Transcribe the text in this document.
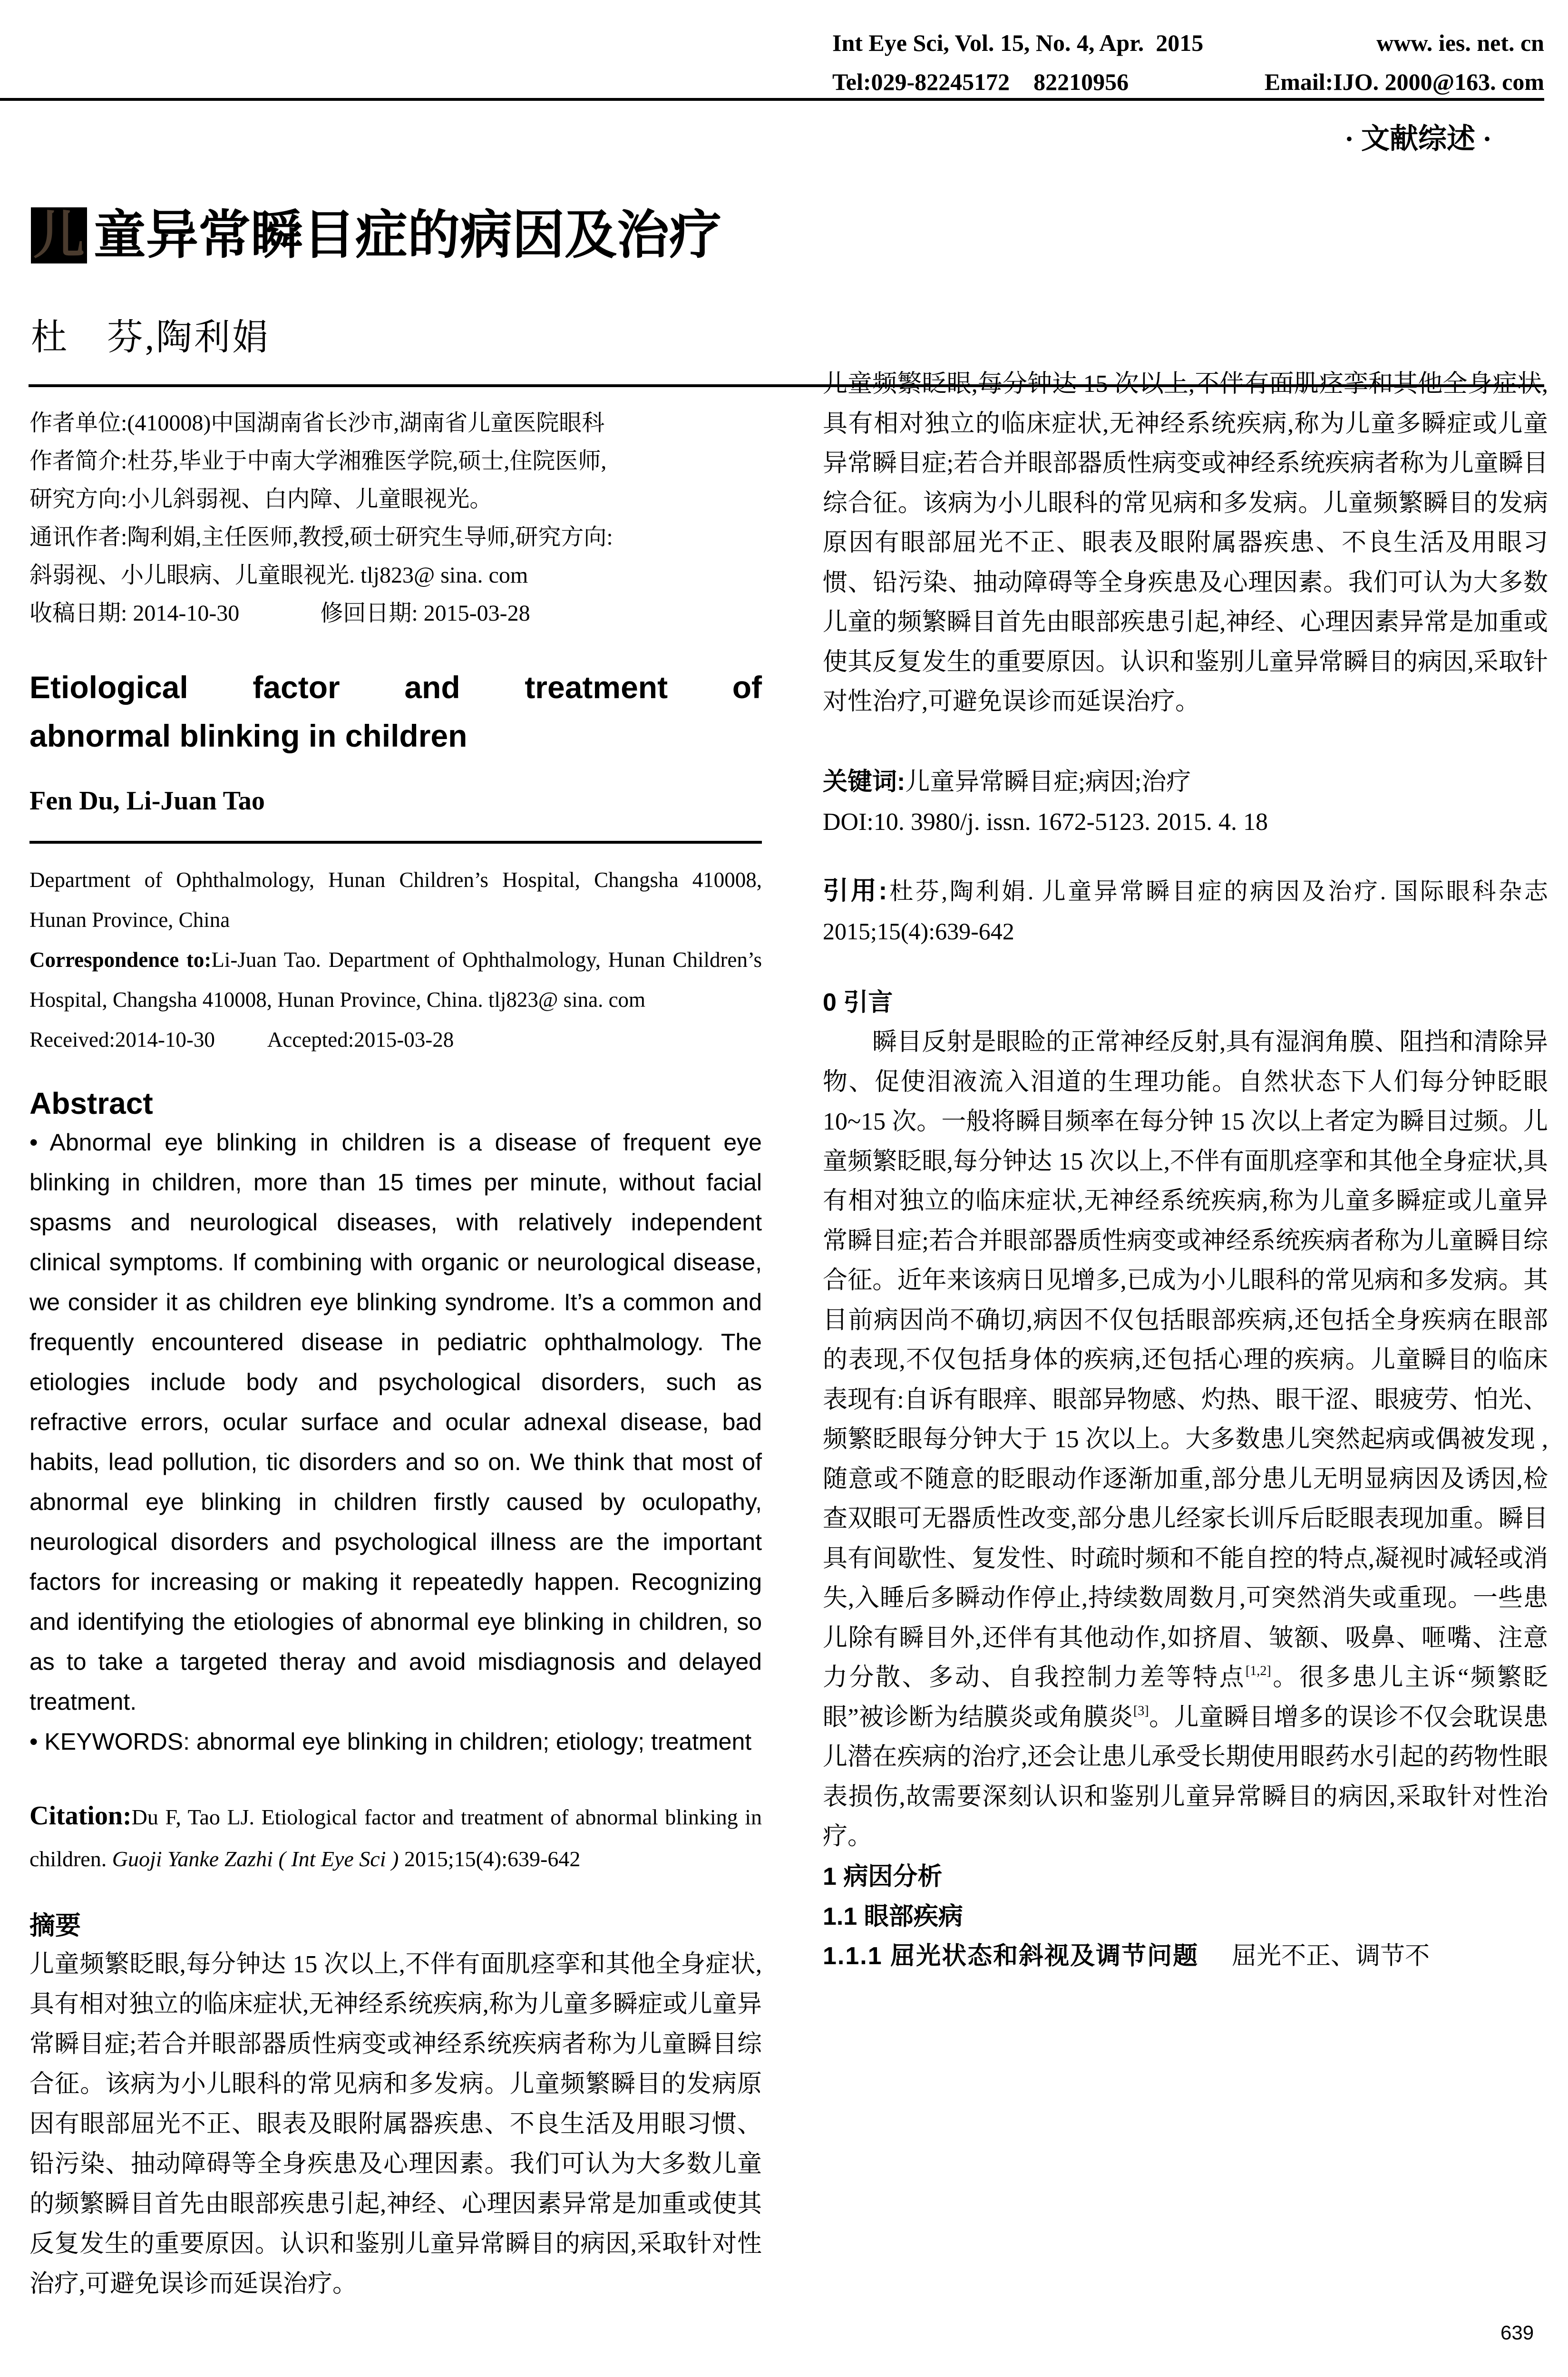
Int Eye Sci, Vol. 15, No. 4, Apr.  2015	www. ies. net. cn
Tel:029-82245172    82210956	Email:IJO. 2000@163. com
· 文献综述 ·
儿 童异常瞬目症的病因及治疗
杜　芬,陶利娟
作者单位:(410008)中国湖南省长沙市,湖南省儿童医院眼科
作者简介:杜芬,毕业于中南大学湘雅医学院,硕士,住院医师,
研究方向:小儿斜弱视、白内障、儿童眼视光。
通讯作者:陶利娟,主任医师,教授,硕士研究生导师,研究方向:
斜弱视、小儿眼病、儿童眼视光. tlj823@ sina. com
收稿日期: 2014-10-30	修回日期: 2015-03-28
Etiological factor and treatment of
abnormal blinking in children
Fen Du, Li-Juan Tao
Department of Ophthalmology, Hunan Children’s Hospital, Changsha 410008, Hunan Province, China
Correspondence to:Li-Juan Tao. Department of Ophthalmology, Hunan Children’s Hospital, Changsha 410008, Hunan Province, China. tlj823@ sina. com
Received:2014-10-30 Accepted:2015-03-28
Abstract
• Abnormal eye blinking in children is a disease of frequent eye blinking in children, more than 15 times per minute, without facial spasms and neurological diseases, with relatively independent clinical symptoms. If combining with organic or neurological disease, we consider it as children eye blinking syndrome. It’s a common and frequently encountered disease in pediatric ophthalmology. The etiologies include body and psychological disorders, such as refractive errors, ocular surface and ocular adnexal disease, bad habits, lead pollution, tic disorders and so on. We think that most of abnormal eye blinking in children firstly caused by oculopathy, neurological disorders and psychological illness are the important factors for increasing or making it repeatedly happen. Recognizing and identifying the etiologies of abnormal eye blinking in children, so as to take a targeted theray and avoid misdiagnosis and delayed treatment.
• KEYWORDS: abnormal eye blinking in children; etiology; treatment
Citation:Du F, Tao LJ. Etiological factor and treatment of abnormal blinking in children. Guoji Yanke Zazhi ( Int Eye Sci ) 2015;15(4):639-642
摘要
儿童频繁眨眼,每分钟达 15 次以上,不伴有面肌痉挛和其他全身症状,具有相对独立的临床症状,无神经系统疾病,称为儿童多瞬症或儿童异常瞬目症;若合并眼部器质性病变或神经系统疾病者称为儿童瞬目综合征。该病为小儿眼科的常见病和多发病。儿童频繁瞬目的发病原因有眼部屈光不正、眼表及眼附属器疾患、不良生活及用眼习惯、铅污染、抽动障碍等全身疾患及心理因素。我们可认为大多数儿童的频繁瞬目首先由眼部疾患引起,神经、心理因素异常是加重或使其反复发生的重要原因。认识和鉴别儿童异常瞬目的病因,采取针对性治疗,可避免误诊而延误治疗。
儿童频繁眨眼,每分钟达 15 次以上,不伴有面肌痉挛和其他全身症状,具有相对独立的临床症状,无神经系统疾病,称为儿童多瞬症或儿童异常瞬目症;若合并眼部器质性病变或神经系统疾病者称为儿童瞬目综合征。该病为小儿眼科的常见病和多发病。儿童频繁瞬目的发病原因有眼部屈光不正、眼表及眼附属器疾患、不良生活及用眼习惯、铅污染、抽动障碍等全身疾患及心理因素。我们可认为大多数儿童的频繁瞬目首先由眼部疾患引起,神经、心理因素异常是加重或使其反复发生的重要原因。认识和鉴别儿童异常瞬目的病因,采取针对性治疗,可避免误诊而延误治疗。
关键词:儿童异常瞬目症;病因;治疗
DOI:10. 3980/j. issn. 1672-5123. 2015. 4. 18
引用:杜芬,陶利娟. 儿童异常瞬目症的病因及治疗. 国际眼科杂志 2015;15(4):639-642
0 引言
瞬目反射是眼睑的正常神经反射,具有湿润角膜、阻挡和清除异物、促使泪液流入泪道的生理功能。自然状态下人们每分钟眨眼 10~15 次。一般将瞬目频率在每分钟 15 次以上者定为瞬目过频。儿童频繁眨眼,每分钟达 15 次以上,不伴有面肌痉挛和其他全身症状,具有相对独立的临床症状,无神经系统疾病,称为儿童多瞬症或儿童异常瞬目症;若合并眼部器质性病变或神经系统疾病者称为儿童瞬目综合征。近年来该病日见增多,已成为小儿眼科的常见病和多发病。其目前病因尚不确切,病因不仅包括眼部疾病,还包括全身疾病在眼部的表现,不仅包括身体的疾病,还包括心理的疾病。儿童瞬目的临床表现有:自诉有眼痒、眼部异物感、灼热、眼干涩、眼疲劳、怕光、频繁眨眼每分钟大于 15 次以上。大多数患儿突然起病或偶被发现 ,随意或不随意的眨眼动作逐渐加重,部分患儿无明显病因及诱因,检查双眼可无器质性改变,部分患儿经家长训斥后眨眼表现加重。瞬目具有间歇性、复发性、时疏时频和不能自控的特点,凝视时减轻或消失,入睡后多瞬动作停止,持续数周数月,可突然消失或重现。一些患儿除有瞬目外,还伴有其他动作,如挤眉、皱额、吸鼻、咂嘴、注意力分散、多动、自我控制力差等特点[1,2]。很多患儿主诉“频繁眨眼”被诊断为结膜炎或角膜炎[3]。儿童瞬目增多的误诊不仅会耽误患儿潜在疾病的治疗,还会让患儿承受长期使用眼药水引起的药物性眼表损伤,故需要深刻认识和鉴别儿童异常瞬目的病因,采取针对性治疗。
1 病因分析
1.1 眼部疾病
1.1.1 屈光状态和斜视及调节问题 屈光不正、调节不
639
